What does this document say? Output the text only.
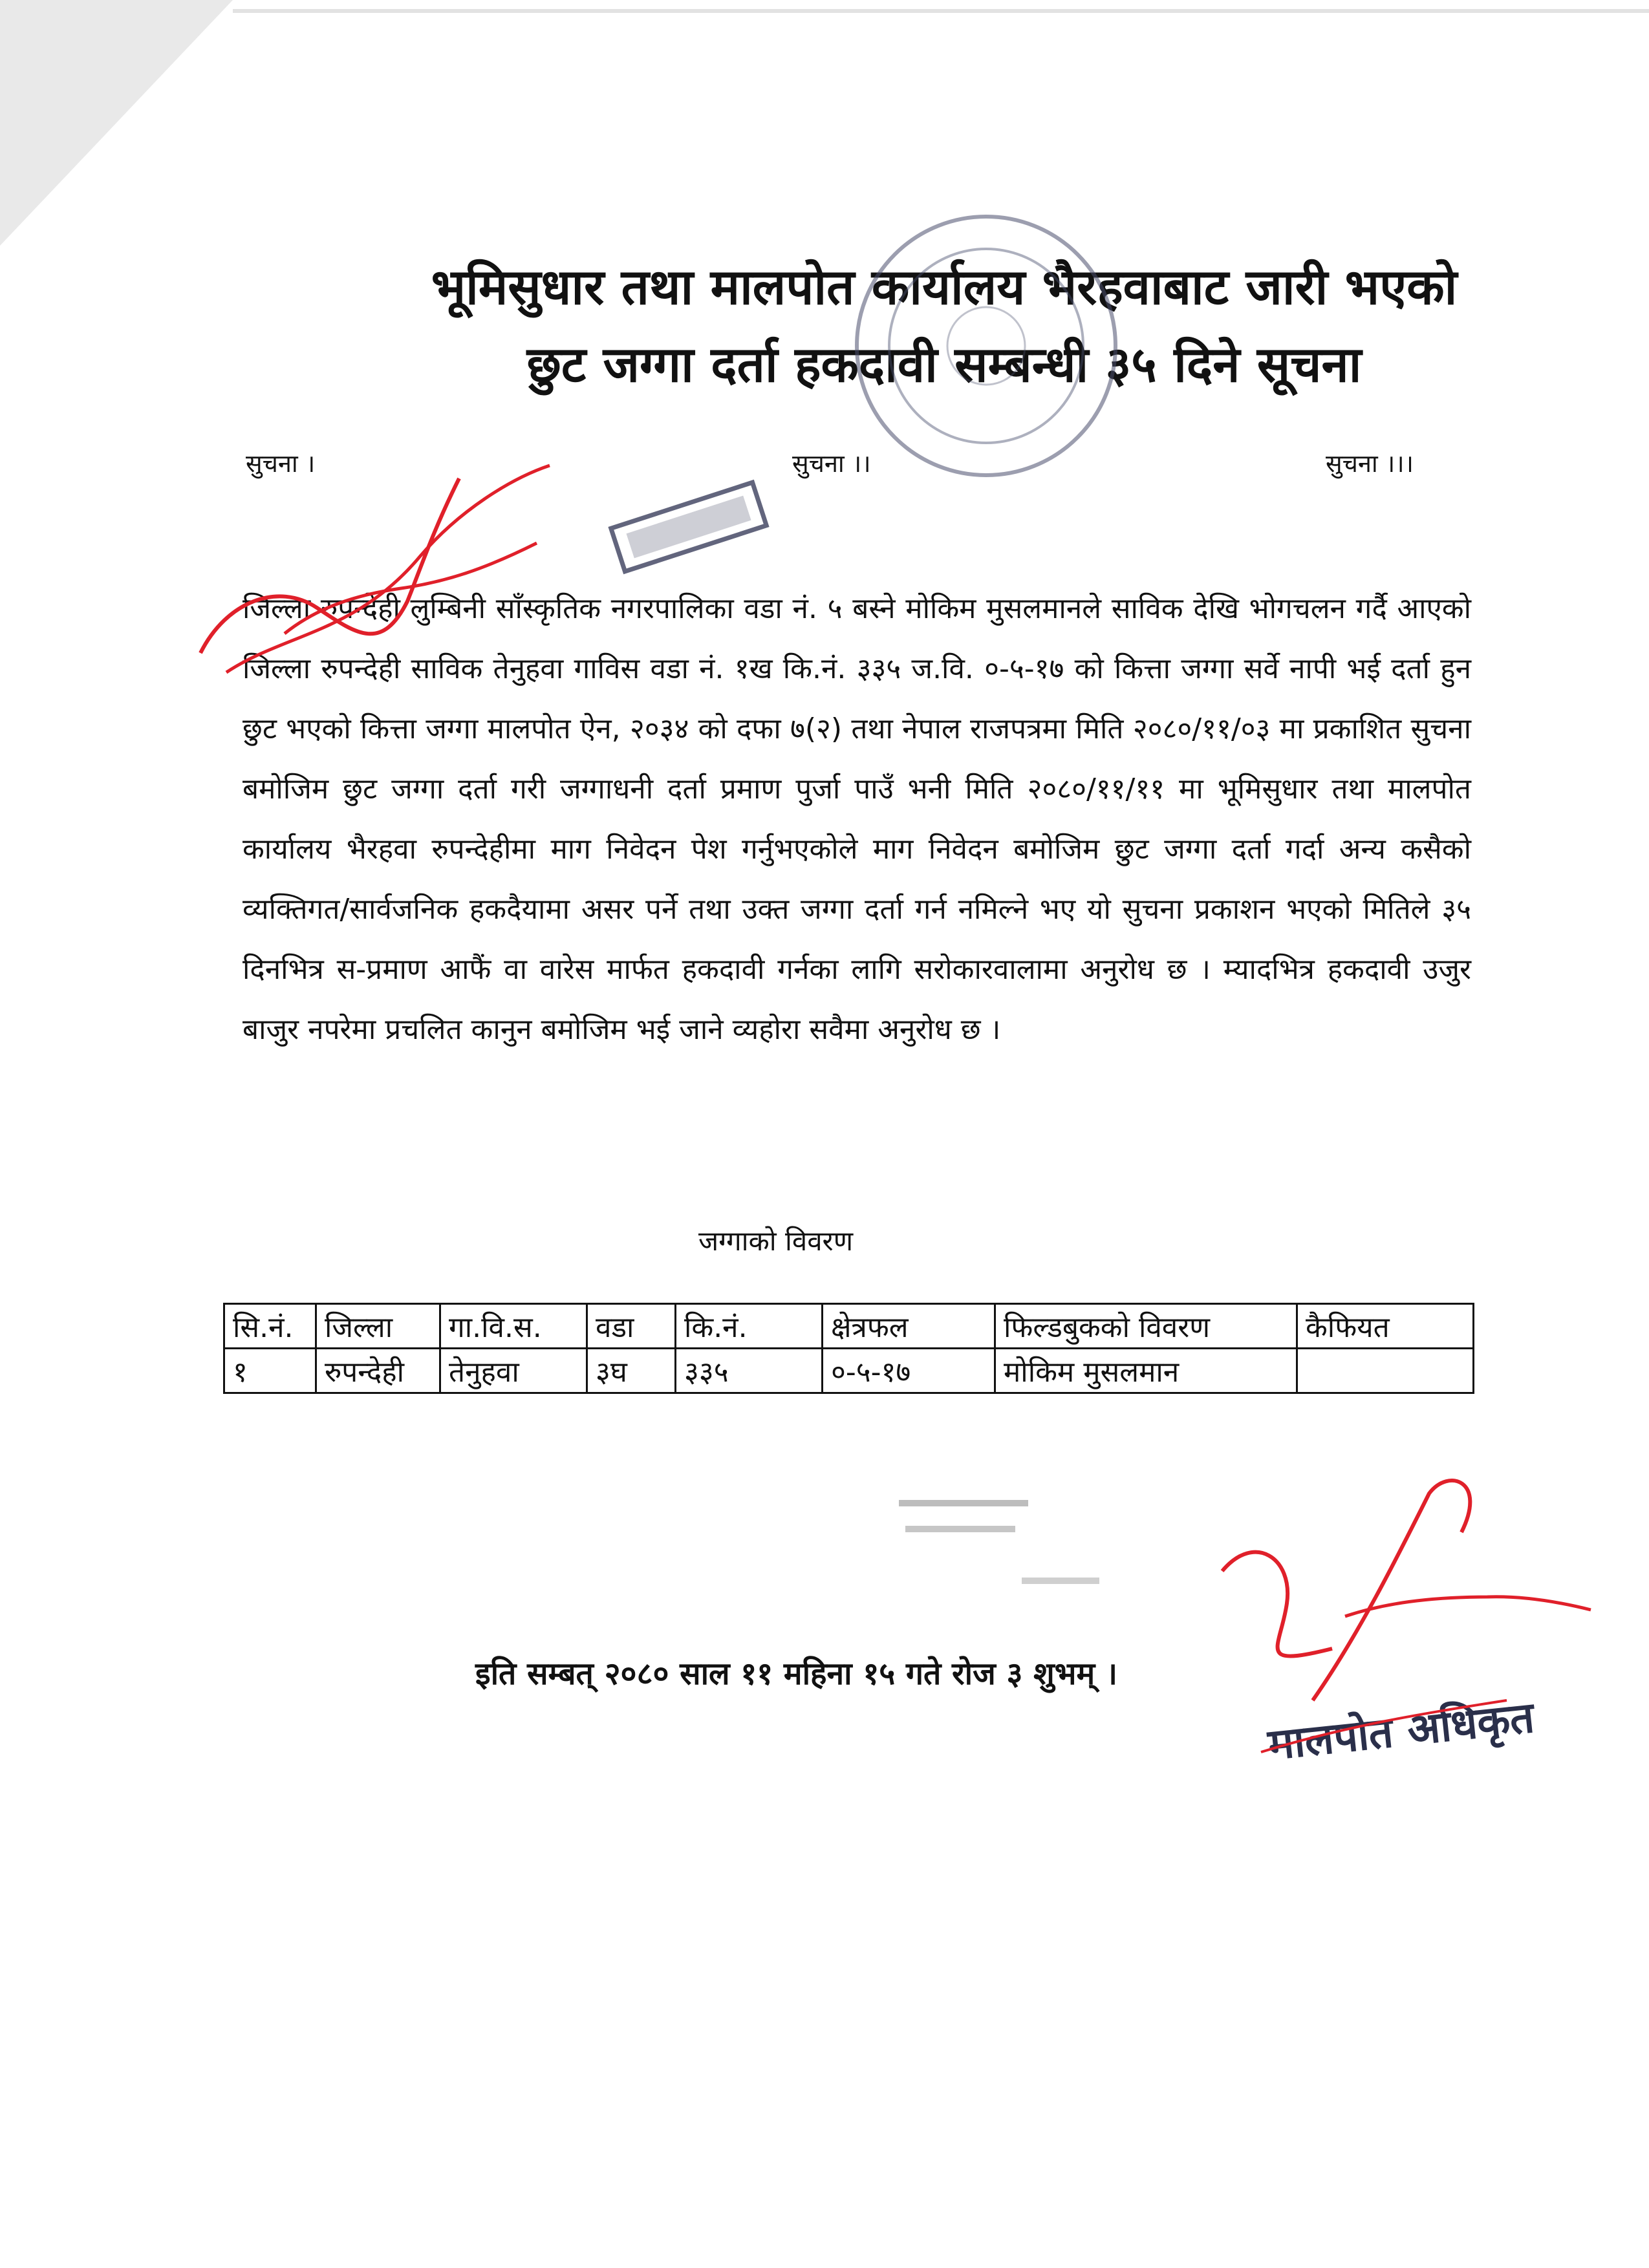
भूमिसुधार तथा मालपोत कार्यालय भैरहवाबाट जारी भएको
छुट जग्गा दर्ता हकदावी सम्बन्धी ३५ दिने सूचना
सुचना ।	सुचना ।।	सुचना ।।।
जिल्ला रुपन्देही लुम्बिनी साँस्कृतिक नगरपालिका वडा नं. ५ बस्ने मोकिम मुसलमानले साविक देखि भोगचलन गर्दै आएको जिल्ला रुपन्देही साविक तेनुहवा गाविस वडा नं. १ख कि.नं. ३३५ ज.वि. ०-५-१७ को कित्ता जग्गा सर्वे नापी भई दर्ता हुन छुट भएको कित्ता जग्गा मालपोत ऐन, २०३४ को दफा ७(२) तथा नेपाल राजपत्रमा मिति २०८०/११/०३ मा प्रकाशित सुचना बमोजिम छुट जग्गा दर्ता गरी जग्गाधनी दर्ता प्रमाण पुर्जा पाउँ भनी मिति २०८०/११/११ मा भूमिसुधार तथा मालपोत कार्यालय भैरहवा रुपन्देहीमा माग निवेदन पेश गर्नुभएकोले माग निवेदन बमोजिम छुट जग्गा दर्ता गर्दा अन्य कसैको व्यक्तिगत/सार्वजनिक हकदैयामा असर पर्ने तथा उक्त जग्गा दर्ता गर्न नमिल्ने भए यो सुचना प्रकाशन भएको मितिले ३५ दिनभित्र स-प्रमाण आफैं वा वारेस मार्फत हकदावी गर्नका लागि सरोकारवालामा अनुरोध छ । म्यादभित्र हकदावी उजुर बाजुर नपरेमा प्रचलित कानुन बमोजिम भई जाने व्यहोरा सवैमा अनुरोध छ ।
जग्गाको विवरण
सि.नं.	जिल्ला	गा.वि.स.	वडा	कि.नं.	क्षेत्रफल	फिल्डबुकको विवरण	कैफियत
१	रुपन्देही	तेनुहवा	३घ	३३५	०-५-१७	मोकिम मुसलमान	
इति सम्बत् २०८० साल ११ महिना १५ गते रोज ३ शुभम् ।
मालपोत अधिकृत
